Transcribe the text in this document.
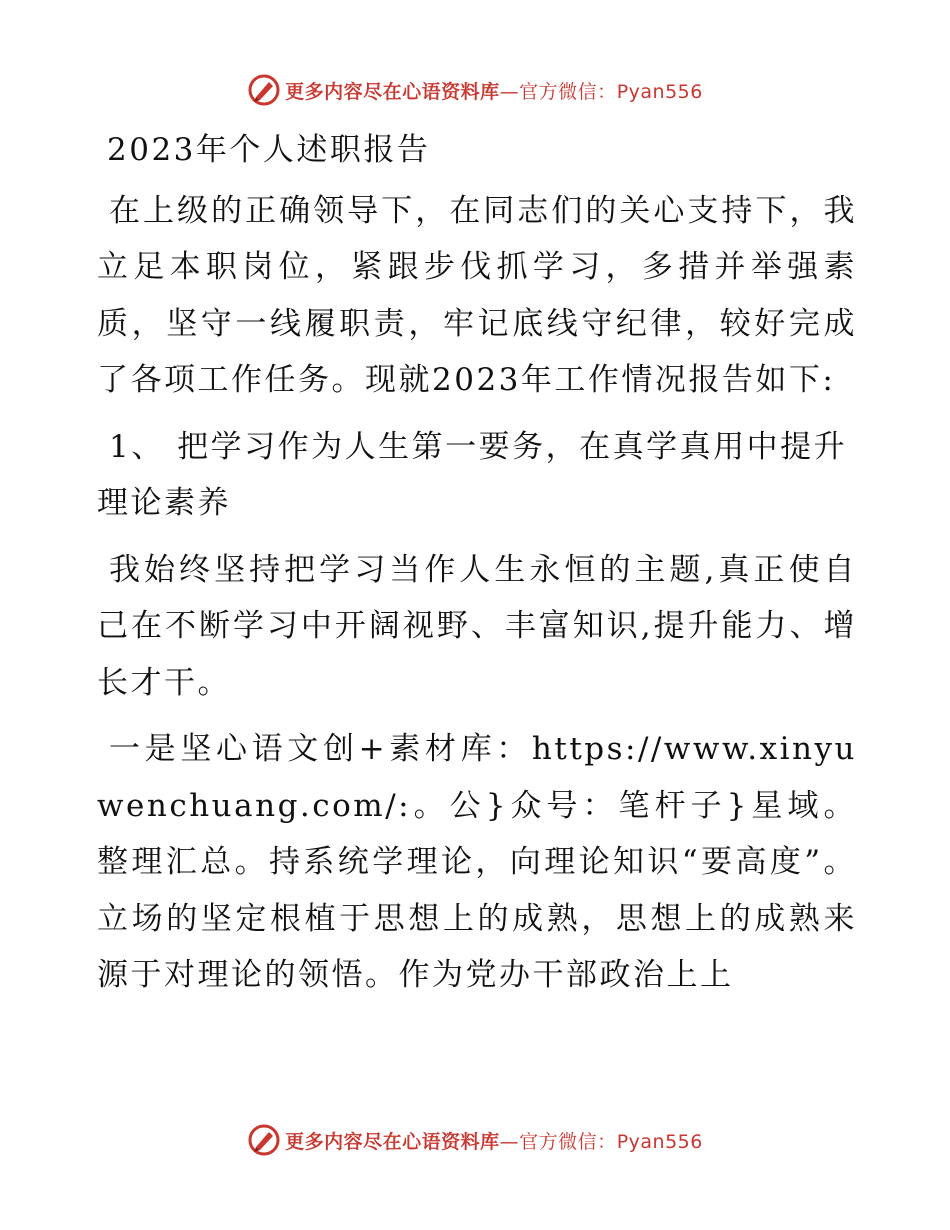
更多内容尽在心语资料库—官方微信：Pyan556

2023年个人述职报告

在上级的正确领导下，在同志们的关心支持下，我立足本职岗位，紧跟步伐抓学习，多措并举强素质，坚守一线履职责，牢记底线守纪律，较好完成了各项工作任务。现就2023年工作情况报告如下:

1、 把学习作为人生第一要务，在真学真用中提升理论素养

我始终坚持把学习当作人生永恒的主题,真正使自己在不断学习中开阔视野、丰富知识,提升能力、增长才干。

一是坚心语文创+素材库：https://www.xinyuwenchuang.com/:。公}众号：笔杆子}星域。整理汇总。持系统学理论，向理论知识“要高度”。立场的坚定根植于思想上的成熟，思想上的成熟来源于对理论的领悟。作为党办干部政治上上

更多内容尽在心语资料库—官方微信：Pyan556
